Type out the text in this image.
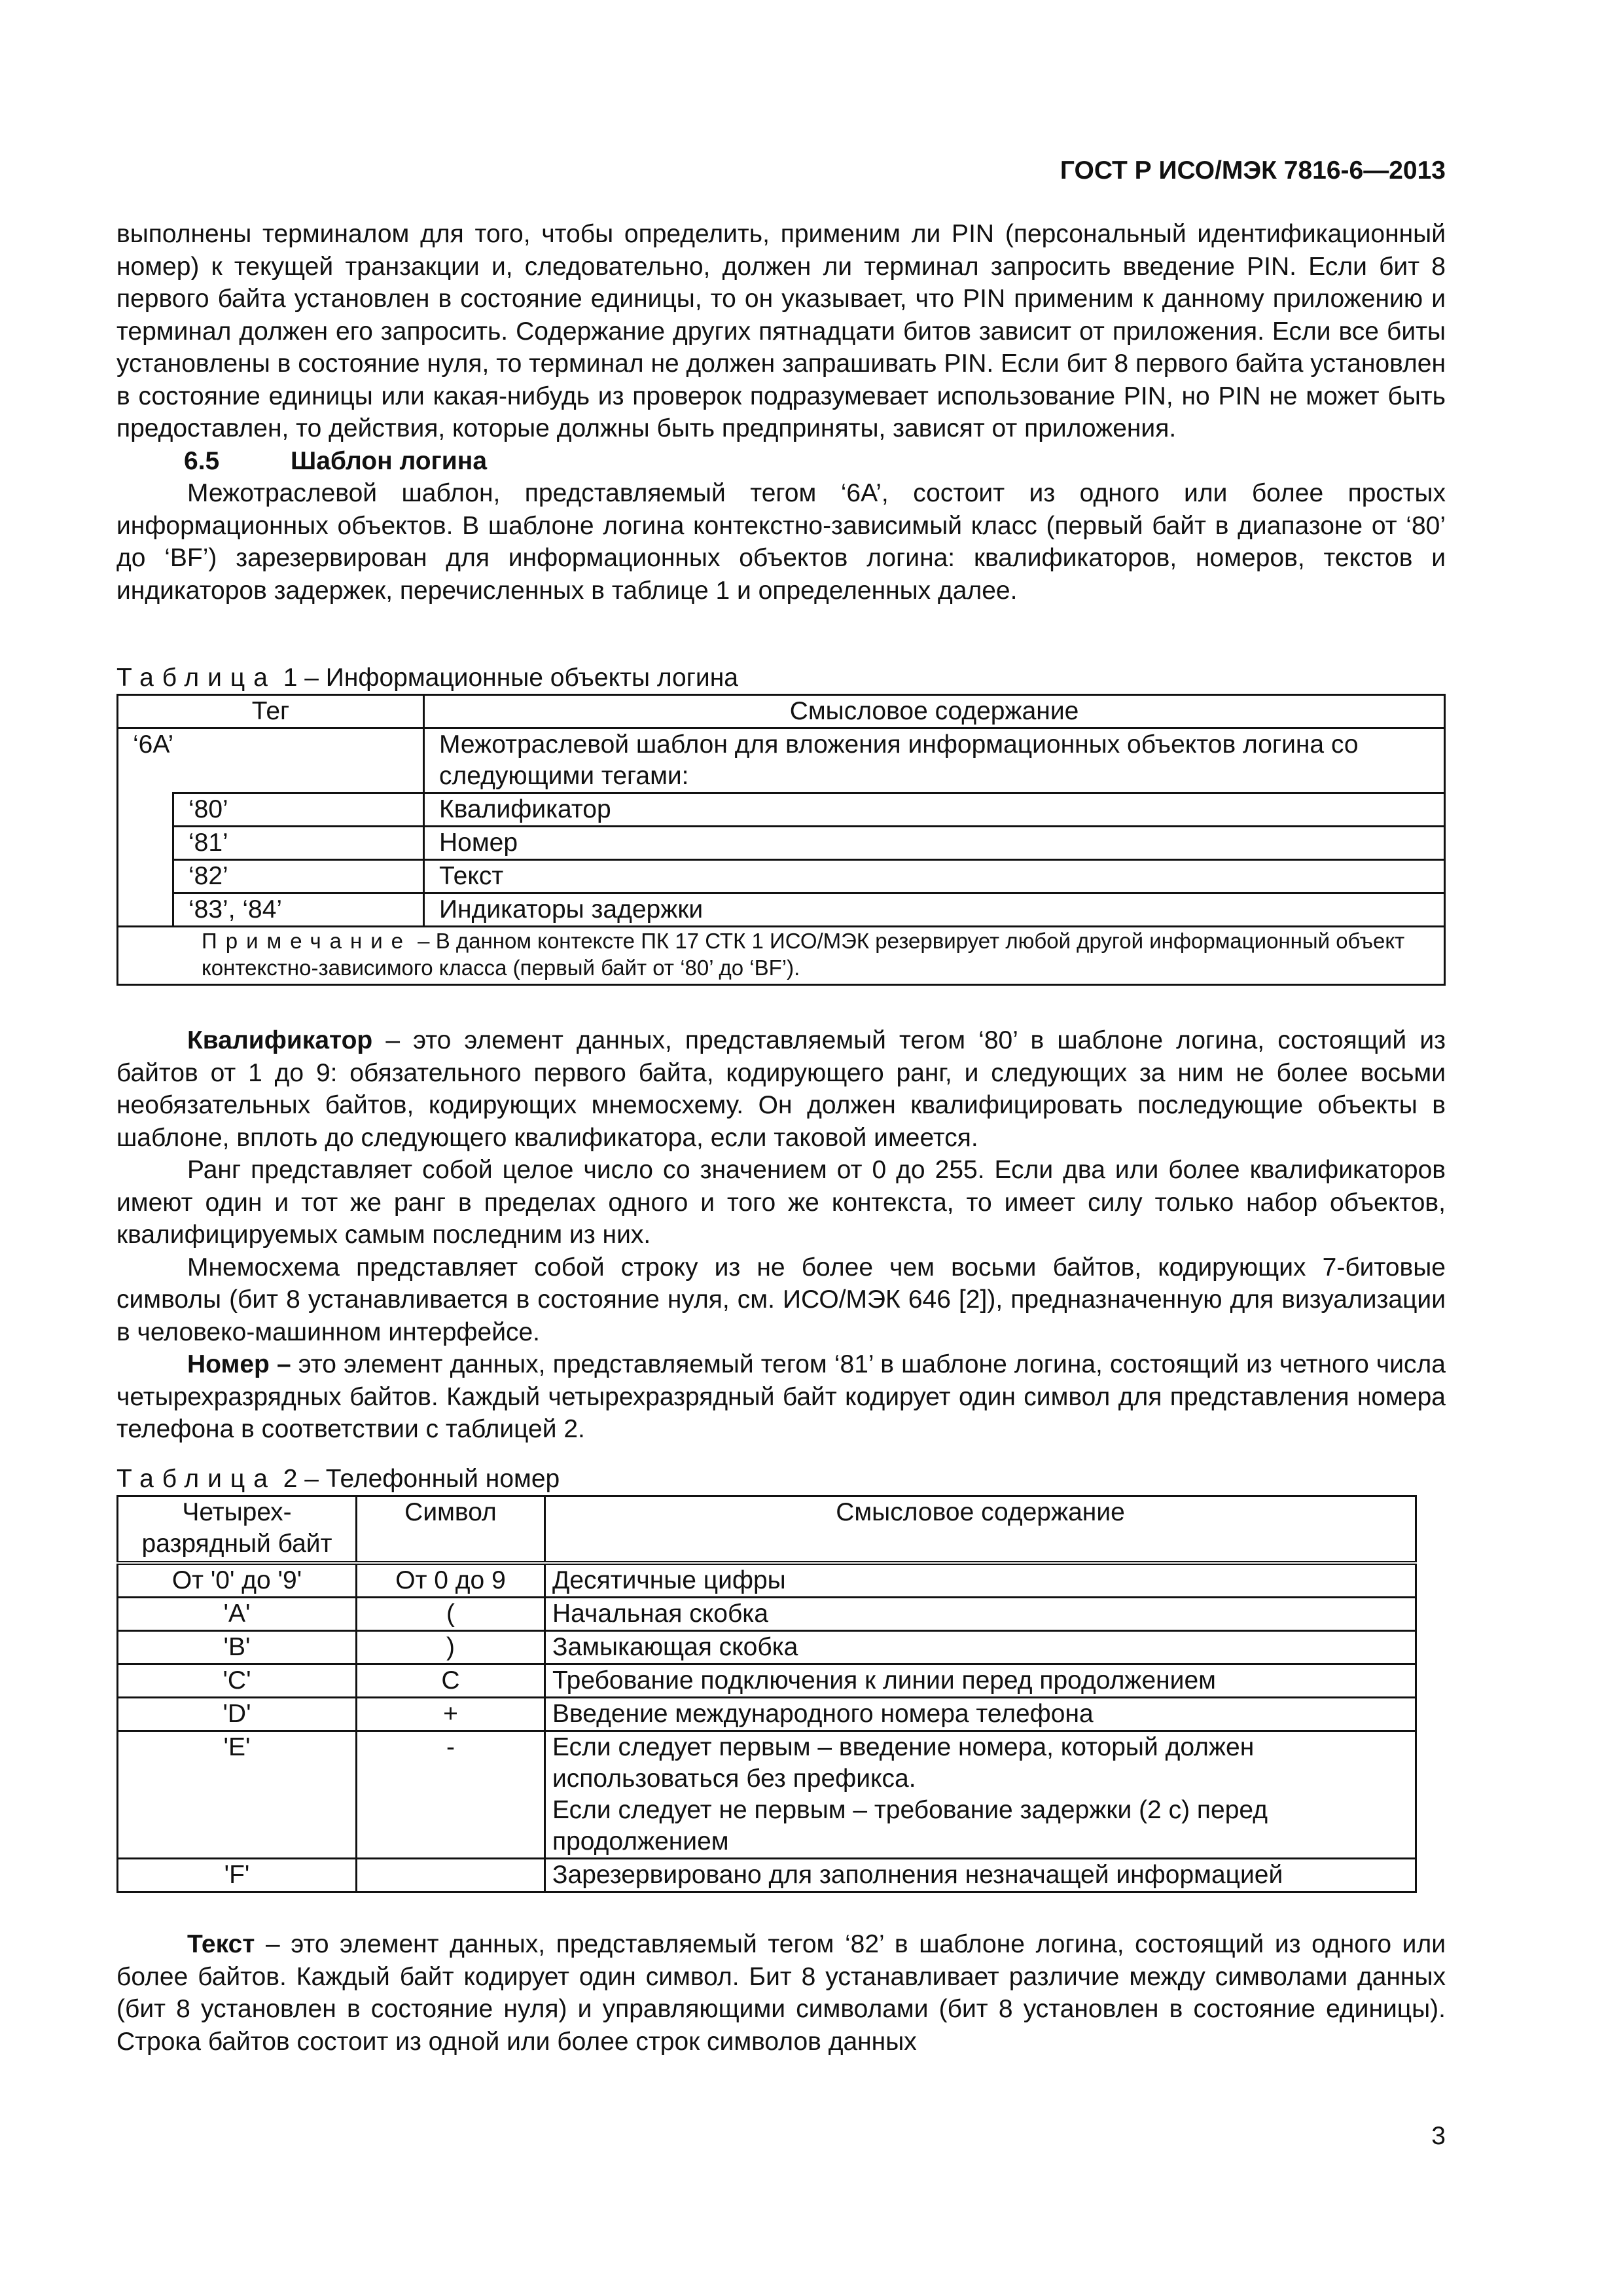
ГОСТ Р ИСО/МЭК 7816-6—2013

выполнены терминалом для того, чтобы определить, применим ли PIN (персональный идентификационный номер) к текущей транзакции и, следовательно, должен ли терминал запросить введение PIN. Если бит 8 первого байта установлен в состояние единицы, то он указывает, что PIN применим к данному приложению и терминал должен его запросить. Содержание других пятнадцати битов зависит от приложения. Если все биты установлены в состояние нуля, то терминал не должен запрашивать PIN. Если бит 8 первого байта установлен в состояние единицы или какая-нибудь из проверок подразумевает использование PIN, но PIN не может быть предоставлен, то действия, которые должны быть предприняты, зависят от приложения.

6.5	Шаблон логина

Межотраслевой шаблон, представляемый тегом ‘6A’, состоит из одного или более простых информационных объектов. В шаблоне логина контекстно-зависимый класс (первый байт в диапазоне от ‘80’ до ‘BF’) зарезервирован для информационных объектов логина: квалификаторов, номеров, текстов и индикаторов задержек, перечисленных в таблице 1 и определенных далее.

Таблица 1 – Информационные объекты логина
Тег		Смысловое содержание
‘6A’		Межотраслевой шаблон для вложения информационных объектов логина со следующими тегами:
	‘80’	Квалификатор
	‘81’	Номер
	‘82’	Текст
	‘83’, ‘84’	Индикаторы задержки

Примечание – В данном контексте ПК 17 СТК 1 ИСО/МЭК резервирует любой другой информационный объект контекстно-зависимого класса (первый байт от ‘80’ до ‘BF’).		

Квалификатор – это элемент данных, представляемый тегом ‘80’ в шаблоне логина, состоящий из байтов от 1 до 9: обязательного первого байта, кодирующего ранг, и следующих за ним не более восьми необязательных байтов, кодирующих мнемосхему. Он должен квалифицировать последующие объекты в шаблоне, вплоть до следующего квалификатора, если таковой имеется.

Ранг представляет собой целое число со значением от 0 до 255. Если два или более квалификаторов имеют один и тот же ранг в пределах одного и того же контекста, то имеет силу только набор объектов, квалифицируемых самым последним из них.

Мнемосхема представляет собой строку из не более чем восьми байтов, кодирующих 7-битовые символы (бит 8 устанавливается в состояние нуля, см. ИСО/МЭК 646 [2]), предназначенную для визуализации в человеко-машинном интерфейсе.

Номер – это элемент данных, представляемый тегом ‘81’ в шаблоне логина, состоящий из четного числа четырехразрядных байтов. Каждый четырехразрядный байт кодирует один символ для представления номера телефона в соответствии с таблицей 2.

Таблица 2 – Телефонный номер
Четырех-разрядный байт	Символ	Смысловое содержание
От '0' до '9'	От 0 до 9	Десятичные цифры
'A'	(	Начальная скобка
'B'	)	Замыкающая скобка
'C'	C	Требование подключения к линии перед продолжением
'D'	+	Введение международного номера телефона
'E'	-	Если следует первым – введение номера, который должен использоваться без префикса.
Если следует не первым – требование задержки (2 с) перед продолжением

'F'		Зарезервировано для заполнения незначащей информацией

Текст – это элемент данных, представляемый тегом ‘82’ в шаблоне логина, состоящий из одного или более байтов. Каждый байт кодирует один символ. Бит 8 устанавливает различие между символами данных (бит 8 установлен в состояние нуля) и управляющими символами (бит 8 установлен в состояние единицы). Строка байтов состоит из одной или более строк символов данных

3
